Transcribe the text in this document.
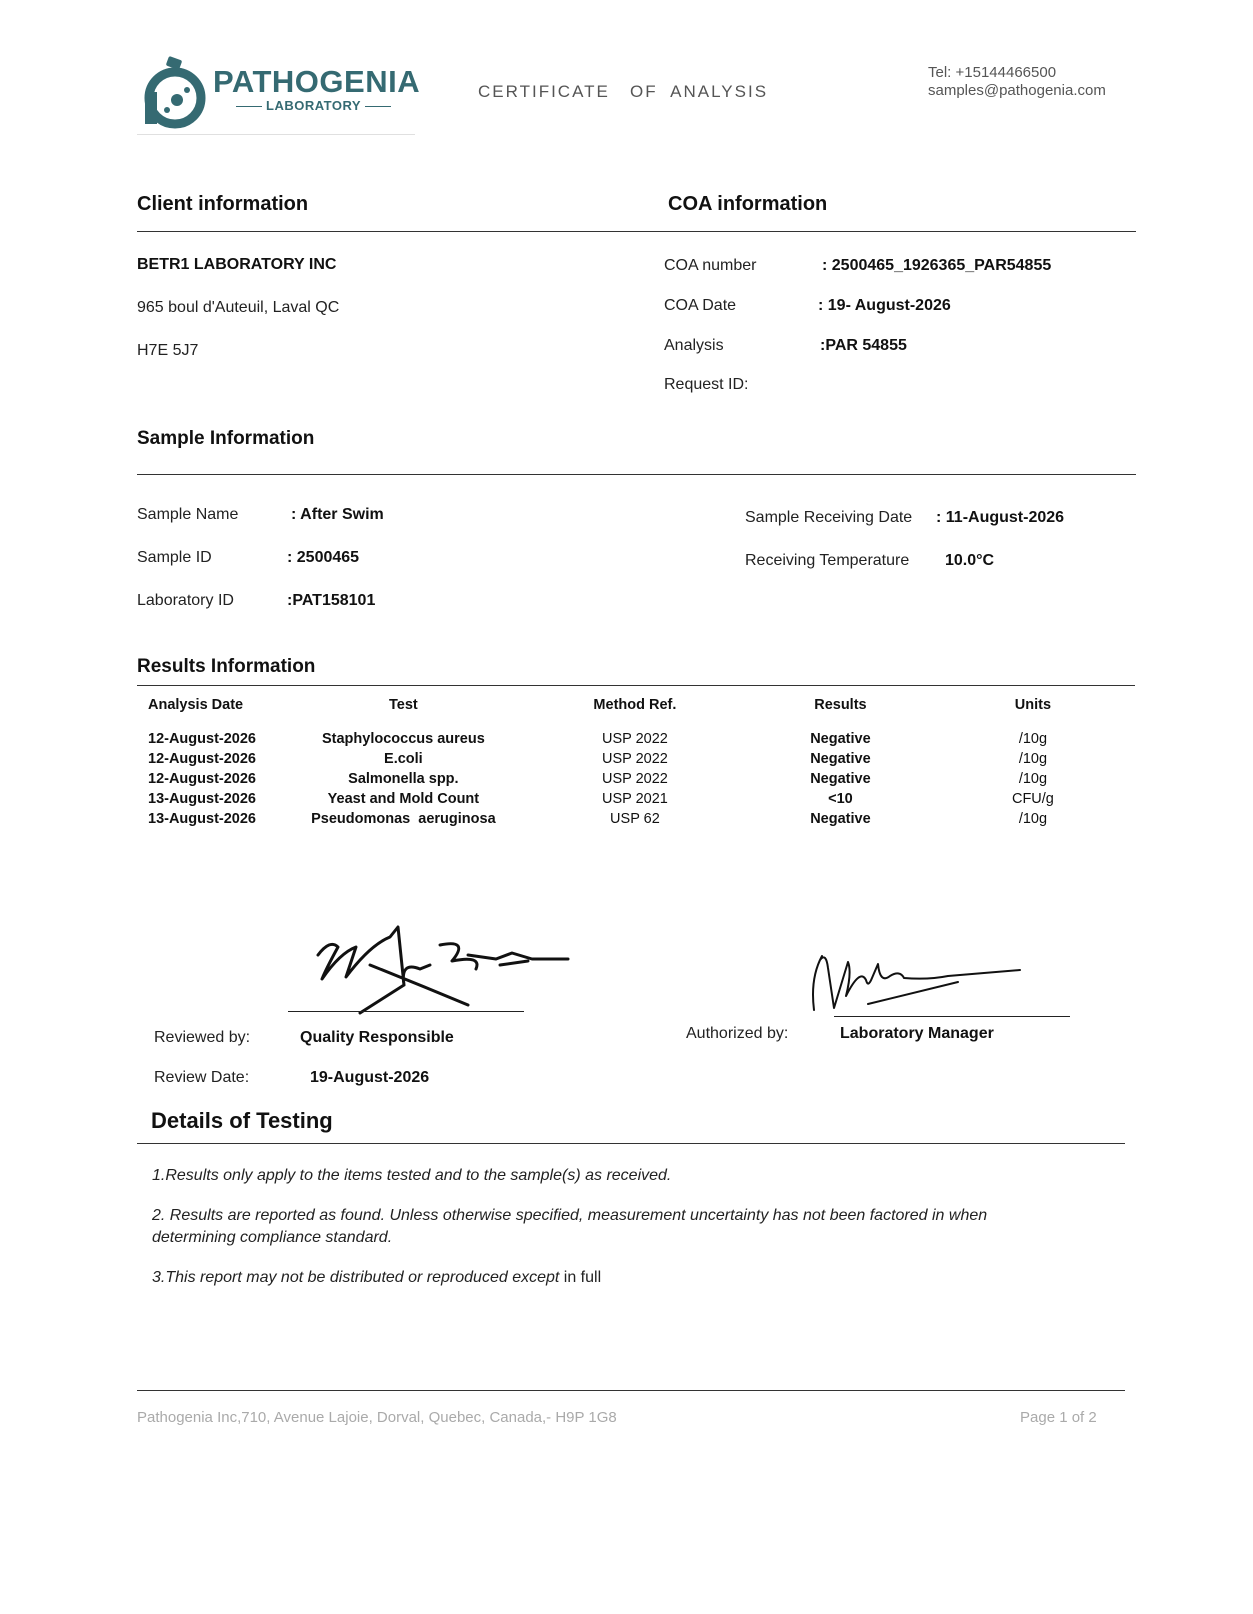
PATHOGENIA
LABORATORY
CERTIFICATE   OF  ANALYSIS
Tel: +15144466500
samples@pathogenia.com
Client information	COA information
BETR1 LABORATORY INC
965 boul d'Auteuil, Laval QC
H7E 5J7
COA number	: 2500465_1926365_PAR54855
COA Date	: 19- August-2026
Analysis	:PAR 54855
Request ID:
Sample Information
Sample Name	: After Swim
Sample ID	: 2500465
Laboratory ID	:PAT158101
Sample Receiving Date : 11-August-2026
Receiving Temperature 10.0°C
Results Information
Analysis Date	Test	Method Ref.	Results	Units
12-August-2026	Staphylococcus aureus	USP 2022	Negative	/10g
12-August-2026	E.coli	USP 2022	Negative	/10g
12-August-2026	Salmonella spp.	USP 2022	Negative	/10g
13-August-2026	Yeast and Mold Count	USP 2021	<10	CFU/g
13-August-2026	Pseudomonas  aeruginosa	USP 62	Negative	/10g
Reviewed by:	Quality Responsible
Review Date:	19-August-2026
Authorized by:	Laboratory Manager
Details of Testing
1.Results only apply to the items tested and to the sample(s) as received.
2. Results are reported as found. Unless otherwise specified, measurement uncertainty has not been factored in when
determining compliance standard.
3.This report may not be distributed or reproduced except in full
Pathogenia Inc,710, Avenue Lajoie, Dorval, Quebec, Canada,- H9P 1G8	Page 1 of 2
